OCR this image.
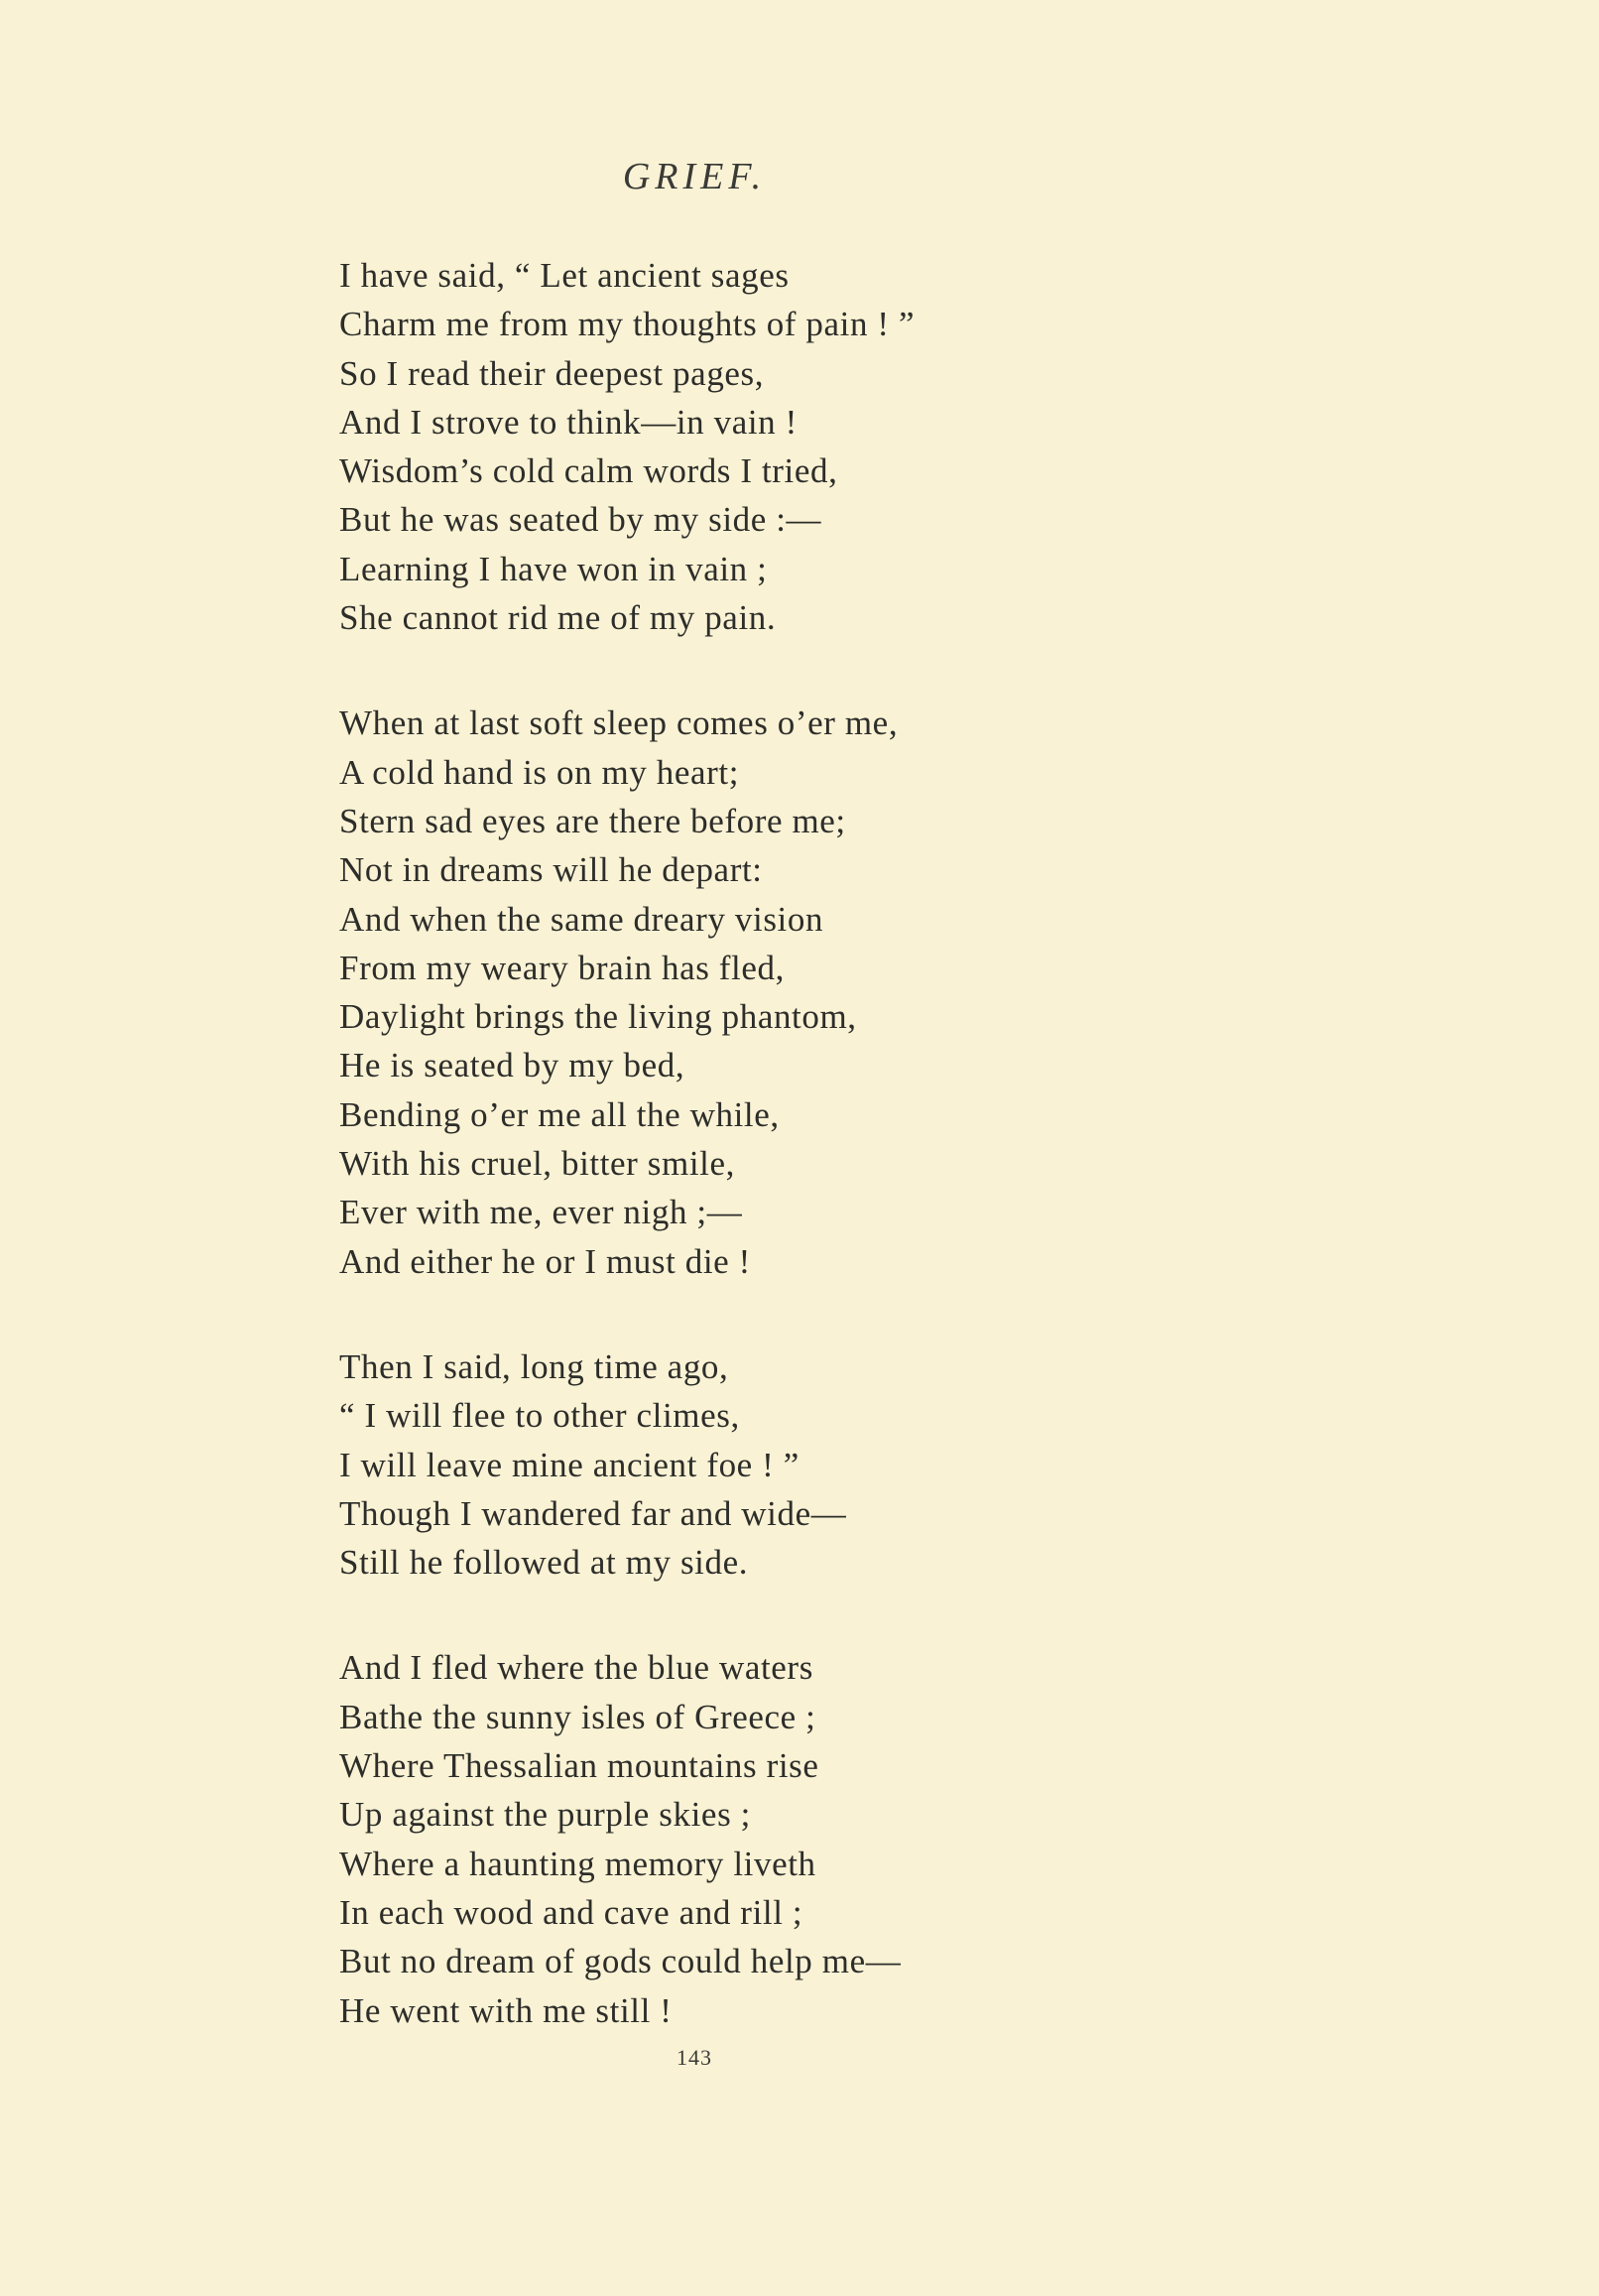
GRIEF.
I have said, “ Let ancient sages
Charm me from my thoughts of pain ! ”
So I read their deepest pages,
And I strove to think—in vain !
Wisdom’s cold calm words I tried,
But he was seated by my side :—
Learning I have won in vain ;
She cannot rid me of my pain.
When at last soft sleep comes o’er me,
A cold hand is on my heart;
Stern sad eyes are there before me;
Not in dreams will he depart:
And when the same dreary vision
From my weary brain has fled,
Daylight brings the living phantom,
He is seated by my bed,
Bending o’er me all the while,
With his cruel, bitter smile,
Ever with me, ever nigh ;—
And either he or I must die !
Then I said, long time ago,
“ I will flee to other climes,
I will leave mine ancient foe ! ”
Though I wandered far and wide—
Still he followed at my side.
And I fled where the blue waters
Bathe the sunny isles of Greece ;
Where Thessalian mountains rise
Up against the purple skies ;
Where a haunting memory liveth
In each wood and cave and rill ;
But no dream of gods could help me—
He went with me still !
143
